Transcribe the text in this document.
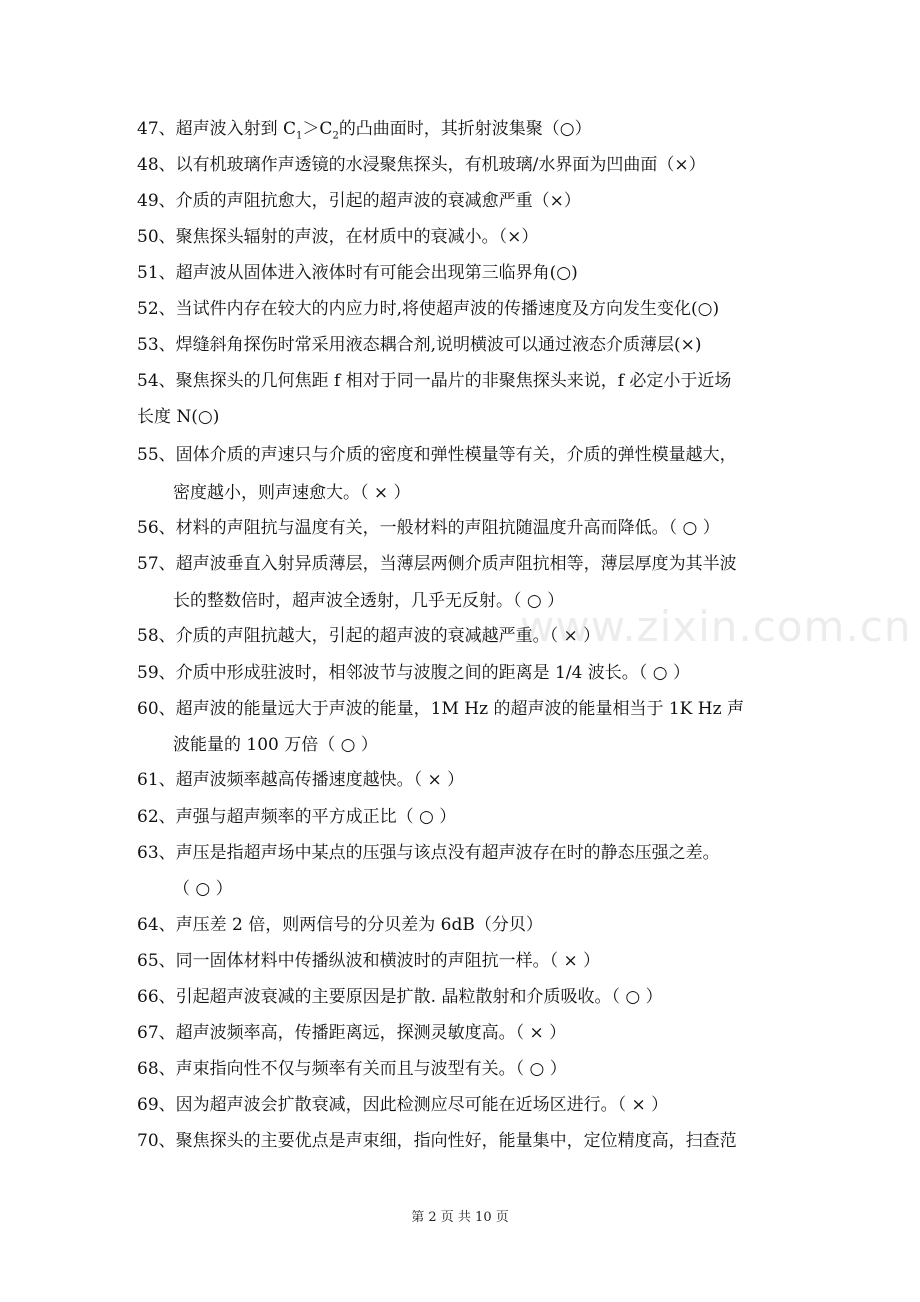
47、超声波入射到 $C_1>C_2$的凸曲面时，其折射波集聚（○）
48、以有机玻璃作声透镜的水浸聚焦探头，有机玻璃/水界面为凹曲面（×）
49、介质的声阻抗愈大，引起的超声波的衰减愈严重（×）
50、聚焦探头辐射的声波，在材质中的衰减小。（×）
51、超声波从固体进入液体时有可能会出现第三临界角(○)
52、当试件内存在较大的内应力时,将使超声波的传播速度及方向发生变化(○)
53、焊缝斜角探伤时常采用液态耦合剂,说明横波可以通过液态介质薄层(×)
54、聚焦探头的几何焦距 f 相对于同一晶片的非聚焦探头来说，f 必定小于近场
长度 N(○)
55、固体介质的声速只与介质的密度和弹性模量等有关，介质的弹性模量越大，
密度越小，则声速愈大。（ × ）
56、材料的声阻抗与温度有关，一般材料的声阻抗随温度升高而降低。（ ○ ）
57、超声波垂直入射异质薄层，当薄层两侧介质声阻抗相等，薄层厚度为其半波
长的整数倍时，超声波全透射，几乎无反射。（ ○ ）
58、介质的声阻抗越大，引起的超声波的衰减越严重。（ × ）
59、介质中形成驻波时，相邻波节与波腹之间的距离是 1/4 波长。（ ○ ）
60、超声波的能量远大于声波的能量，1M Hz 的超声波的能量相当于 1K Hz 声
波能量的 100 万倍（ ○ ）
61、超声波频率越高传播速度越快。（ × ）
62、声强与超声频率的平方成正比（ ○ ）
63、声压是指超声场中某点的压强与该点没有超声波存在时的静态压强之差。
（ ○ ）
64、声压差 2 倍，则两信号的分贝差为 6dB（分贝）
65、同一固体材料中传播纵波和横波时的声阻抗一样。（ × ）
66、引起超声波衰减的主要原因是扩散. 晶粒散射和介质吸收。（ ○ ）
67、超声波频率高，传播距离远，探测灵敏度高。（ × ）
68、声束指向性不仅与频率有关而且与波型有关。（ ○ ）
69、因为超声波会扩散衰减，因此检测应尽可能在近场区进行。（ × ）
70、聚焦探头的主要优点是声束细，指向性好，能量集中，定位精度高，扫查范
www.zixin.com.cn
第 2 页 共 10 页
